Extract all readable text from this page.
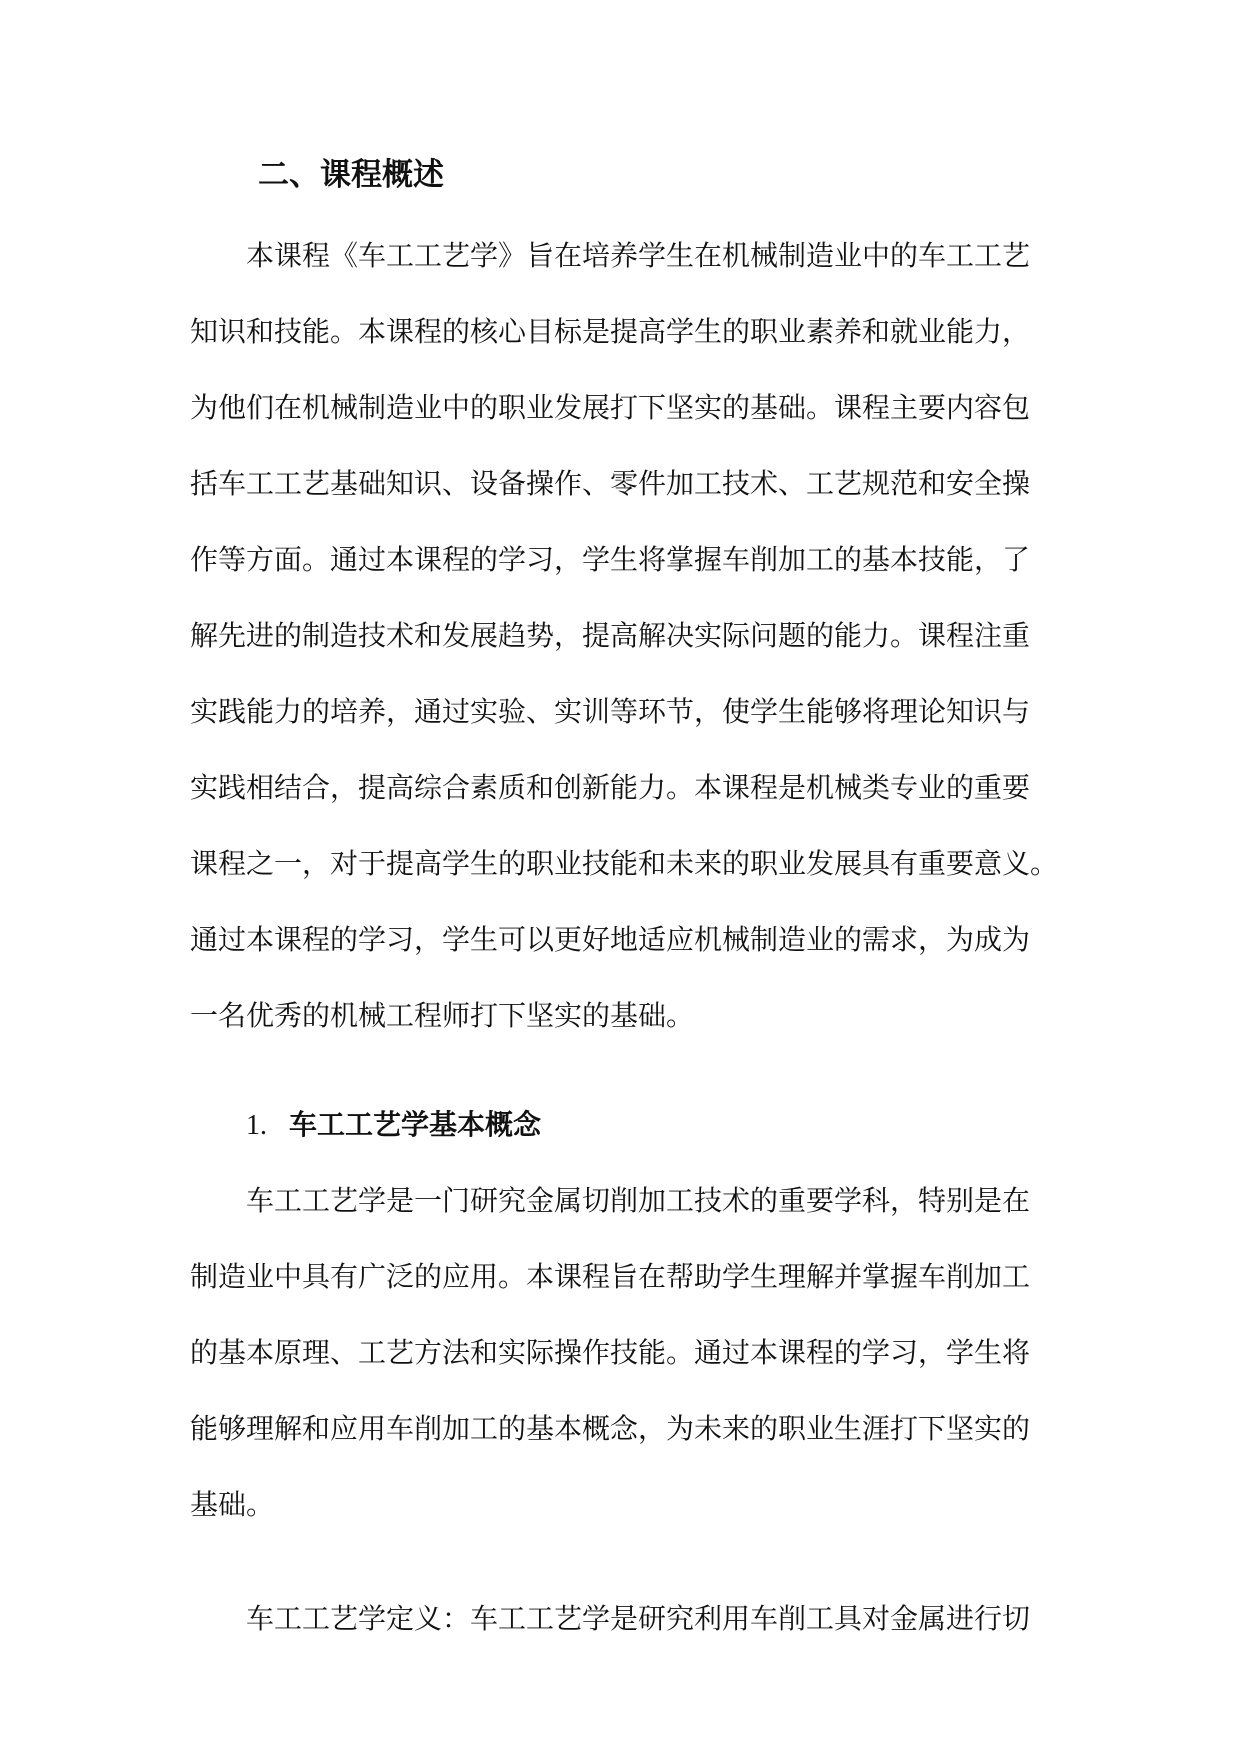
二、课程概述
本课程《车工工艺学》旨在培养学生在机械制造业中的车工工艺
知识和技能。本课程的核心目标是提高学生的职业素养和就业能力，
为他们在机械制造业中的职业发展打下坚实的基础。课程主要内容包
括车工工艺基础知识、设备操作、零件加工技术、工艺规范和安全操
作等方面。通过本课程的学习，学生将掌握车削加工的基本技能，了
解先进的制造技术和发展趋势，提高解决实际问题的能力。课程注重
实践能力的培养，通过实验、实训等环节，使学生能够将理论知识与
实践相结合，提高综合素质和创新能力。本课程是机械类专业的重要
课程之一，对于提高学生的职业技能和未来的职业发展具有重要意义。
通过本课程的学习，学生可以更好地适应机械制造业的需求，为成为
一名优秀的机械工程师打下坚实的基础。
1. 车工工艺学基本概念
车工工艺学是一门研究金属切削加工技术的重要学科，特别是在
制造业中具有广泛的应用。本课程旨在帮助学生理解并掌握车削加工
的基本原理、工艺方法和实际操作技能。通过本课程的学习，学生将
能够理解和应用车削加工的基本概念，为未来的职业生涯打下坚实的
基础。
车工工艺学定义：车工工艺学是研究利用车削工具对金属进行切
